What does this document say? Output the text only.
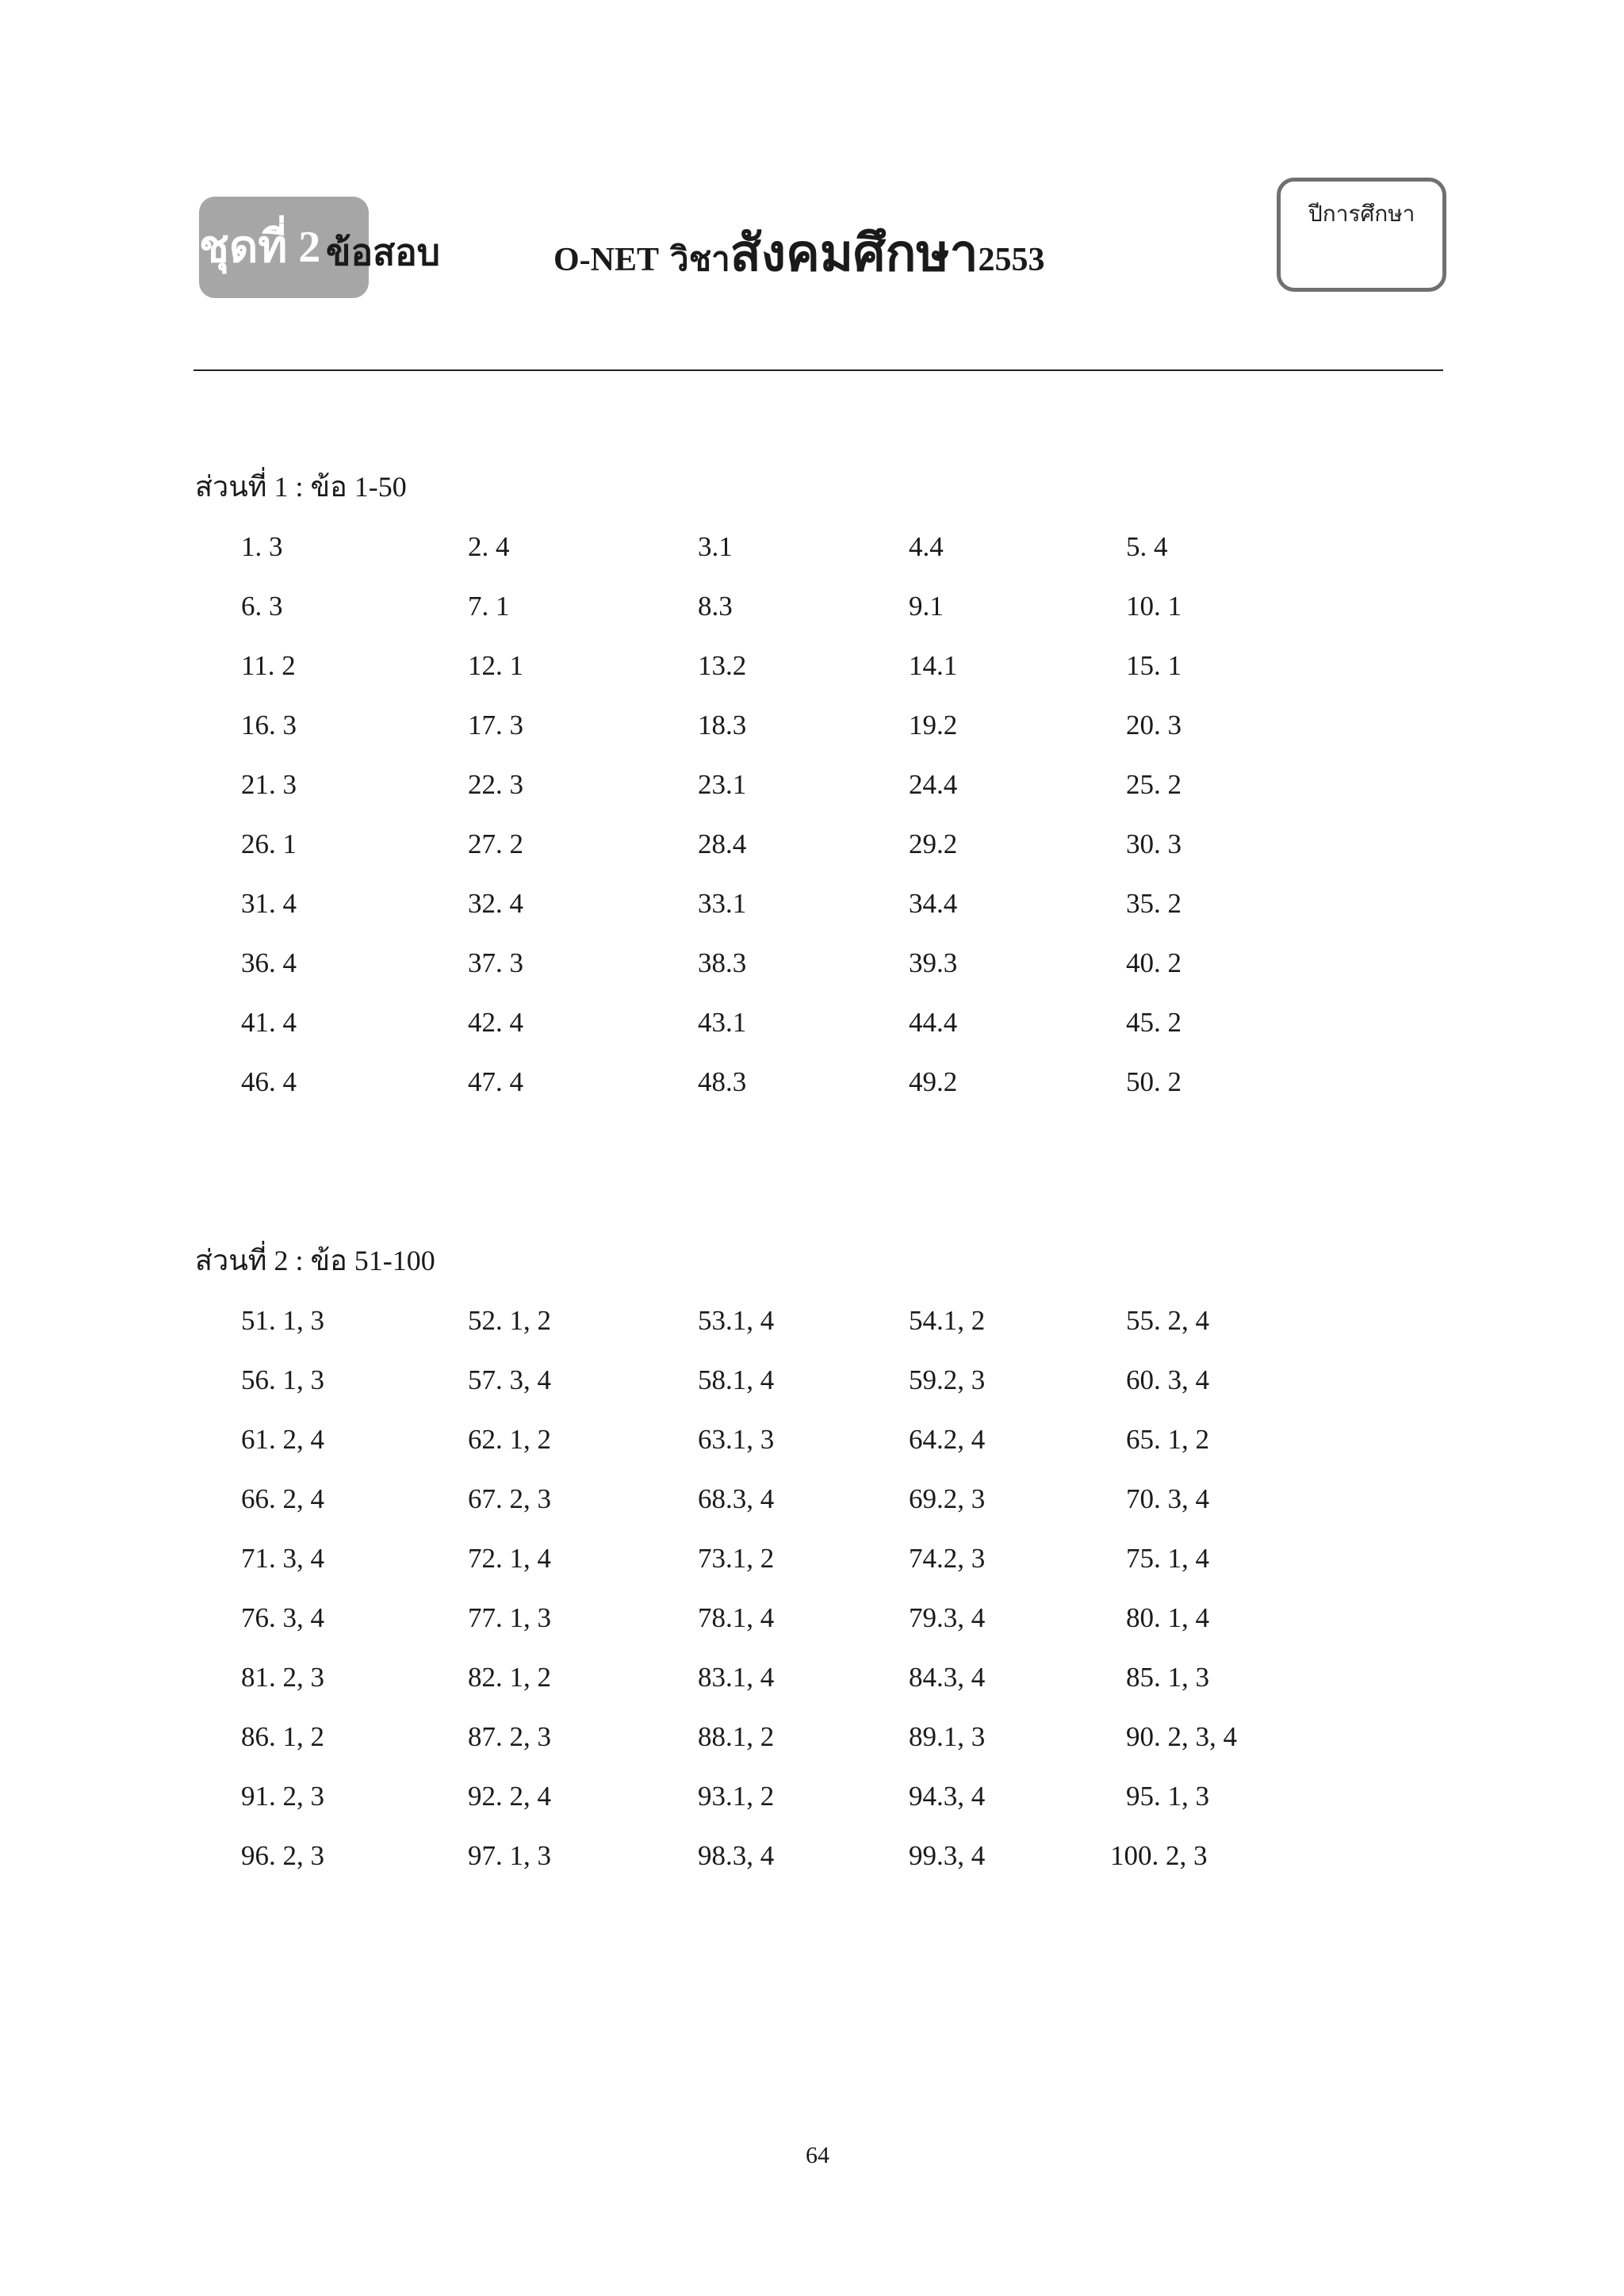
ชุดที่ 2 ข้อสอบ	O-NET วิชาสังคมศึกษา2553
ปีการศึกษา
ส่วนที่ 1 : ข้อ 1-50
ส่วนที่ 2 : ข้อ 51-100
1. 3	2. 4	3.1	4.4	5. 4
6. 3	7. 1	8.3	9.1	10. 1
11. 2	12. 1	13.2	14.1	15. 1
16. 3	17. 3	18.3	19.2	20. 3
21. 3	22. 3	23.1	24.4	25. 2
26. 1	27. 2	28.4	29.2	30. 3
31. 4	32. 4	33.1	34.4	35. 2
36. 4	37. 3	38.3	39.3	40. 2
41. 4	42. 4	43.1	44.4	45. 2
46. 4	47. 4	48.3	49.2	50. 2
51. 1, 3	52. 1, 2	53.1, 4	54.1, 2	55. 2, 4
56. 1, 3	57. 3, 4	58.1, 4	59.2, 3	60. 3, 4
61. 2, 4	62. 1, 2	63.1, 3	64.2, 4	65. 1, 2
66. 2, 4	67. 2, 3	68.3, 4	69.2, 3	70. 3, 4
71. 3, 4	72. 1, 4	73.1, 2	74.2, 3	75. 1, 4
76. 3, 4	77. 1, 3	78.1, 4	79.3, 4	80. 1, 4
81. 2, 3	82. 1, 2	83.1, 4	84.3, 4	85. 1, 3
86. 1, 2	87. 2, 3	88.1, 2	89.1, 3	90. 2, 3, 4
91. 2, 3	92. 2, 4	93.1, 2	94.3, 4	95. 1, 3
96. 2, 3	97. 1, 3	98.3, 4	99.3, 4	100. 2, 3
64
